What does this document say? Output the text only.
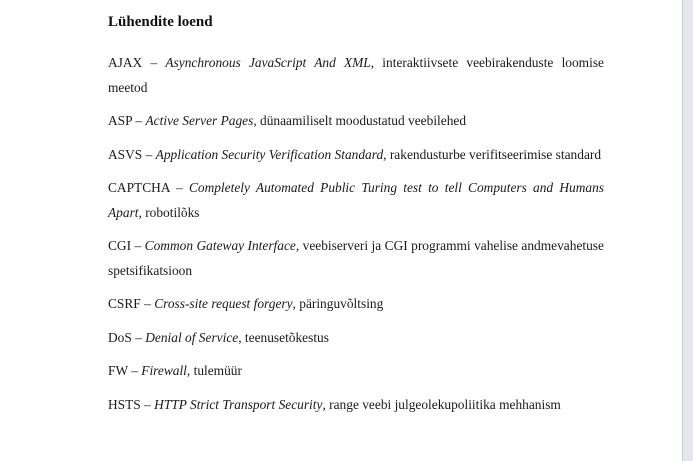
Lühendite loend
AJAX – Asynchronous JavaScript And XML, interaktiivsete veebirakenduste loomise meetod
ASP – Active Server Pages, dünaamiliselt moodustatud veebilehed
ASVS – Application Security Verification Standard, rakendusturbe verifitseerimise standard
CAPTCHA – Completely Automated Public Turing test to tell Computers and Humans Apart, robotilõks
CGI – Common Gateway Interface, veebiserveri ja CGI programmi vahelise andmevahetuse spetsifikatsioon
CSRF – Cross-site request forgery, päringuvõltsing
DoS – Denial of Service, teenusetõkestus
FW – Firewall, tulemüür
HSTS – HTTP Strict Transport Security, range veebi julgeolekupoliitika mehhanism
